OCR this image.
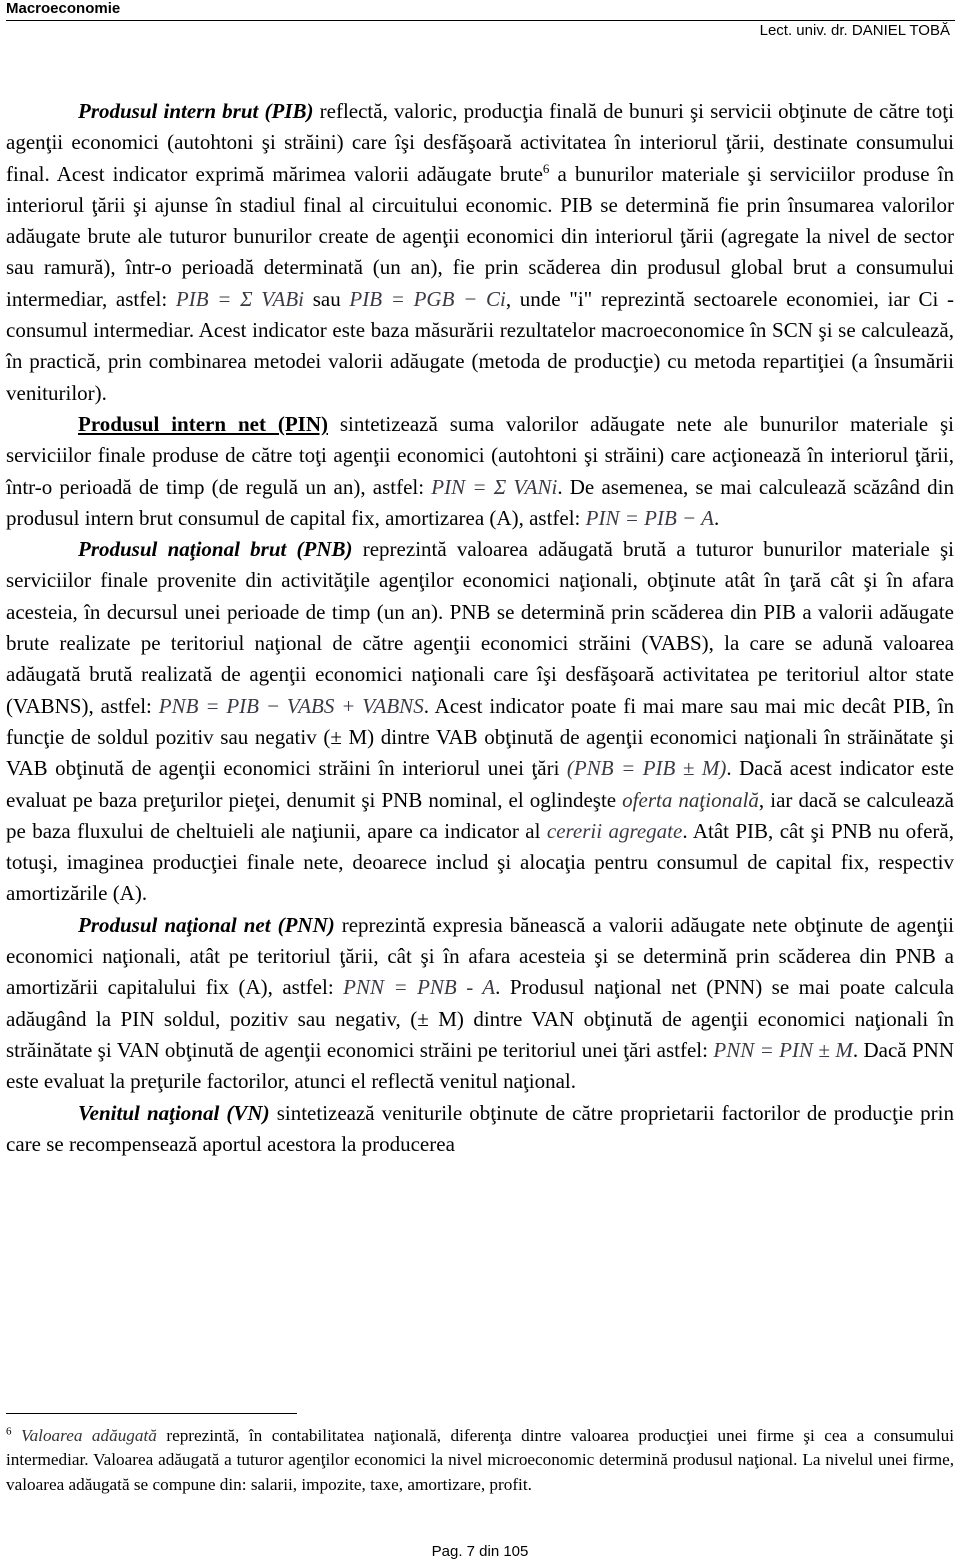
Macroeconomie
Lect. univ. dr. DANIEL TOBĂ

Produsul intern brut (PIB) reflectă, valoric, producţia finală de bunuri şi servicii obţinute de către toţi agenţii economici (autohtoni şi străini) care îşi desfăşoară activitatea în interiorul ţării, destinate consumului final. Acest indicator exprimă mărimea valorii adăugate brute$^6$ a bunurilor materiale şi serviciilor produse în interiorul ţării şi ajunse în stadiul final al circuitului economic. PIB se determină fie prin însumarea valorilor adăugate brute ale tuturor bunurilor create de agenţii economici din interiorul ţării (agregate la nivel de sector sau ramură), într-o perioadă determinată (un an), fie prin scăderea din produsul global brut a consumului intermediar, astfel: PIB = Σ VABi sau PIB = PGB − Ci, unde "i" reprezintă sectoarele economiei, iar Ci - consumul intermediar. Acest indicator este baza măsurării rezultatelor macroeconomice în SCN şi se calculează, în practică, prin combinarea metodei valorii adăugate (metoda de producţie) cu metoda repartiţiei (a însumării veniturilor).

Produsul intern net (PIN) sintetizează suma valorilor adăugate nete ale bunurilor materiale şi serviciilor finale produse de către toţi agenţii economici (autohtoni şi străini) care acţionează în interiorul ţării, într-o perioadă de timp (de regulă un an), astfel: PIN = Σ VANi. De asemenea, se mai calculează scăzând din produsul intern brut consumul de capital fix, amortizarea (A), astfel: PIN = PIB − A.

Produsul naţional brut (PNB) reprezintă valoarea adăugată brută a tuturor bunurilor materiale şi serviciilor finale provenite din activităţile agenţilor economici naţionali, obţinute atât în ţară cât şi în afara acesteia, în decursul unei perioade de timp (un an). PNB se determină prin scăderea din PIB a valorii adăugate brute realizate pe teritoriul naţional de către agenţii economici străini (VABS), la care se adună valoarea adăugată brută realizată de agenţii economici naţionali care îşi desfăşoară activitatea pe teritoriul altor state (VABNS), astfel: PNB = PIB − VABS + VABNS. Acest indicator poate fi mai mare sau mai mic decât PIB, în funcţie de soldul pozitiv sau negativ (± M) dintre VAB obţinută de agenţii economici naţionali în străinătate şi VAB obţinută de agenţii economici străini în interiorul unei ţări (PNB = PIB ± M). Dacă acest indicator este evaluat pe baza preţurilor pieţei, denumit şi PNB nominal, el oglindeşte oferta naţională, iar dacă se calculează pe baza fluxului de cheltuieli ale naţiunii, apare ca indicator al cererii agregate. Atât PIB, cât şi PNB nu oferă, totuşi, imaginea producţiei finale nete, deoarece includ şi alocaţia pentru consumul de capital fix, respectiv amortizările (A).

Produsul naţional net (PNN) reprezintă expresia bănească a valorii adăugate nete obţinute de agenţii economici naţionali, atât pe teritoriul ţării, cât şi în afara acesteia şi se determină prin scăderea din PNB a amortizării capitalului fix (A), astfel: PNN = PNB - A. Produsul naţional net (PNN) se mai poate calcula adăugând la PIN soldul, pozitiv sau negativ, (± M) dintre VAN obţinută de agenţii economici naţionali în străinătate şi VAN obţinută de agenţii economici străini pe teritoriul unei ţări astfel: PNN = PIN ± M. Dacă PNN este evaluat la preţurile factorilor, atunci el reflectă venitul naţional.

Venitul naţional (VN) sintetizează veniturile obţinute de către proprietarii factorilor de producţie prin care se recompensează aportul acestora la producerea

$^6$ Valoarea adăugată reprezintă, în contabilitatea naţională, diferenţa dintre valoarea producţiei unei firme şi cea a consumului intermediar. Valoarea adăugată a tuturor agenţilor economici la nivel microeconomic determină produsul naţional. La nivelul unei firme, valoarea adăugată se compune din: salarii, impozite, taxe, amortizare, profit.
Pag. 7 din 105
